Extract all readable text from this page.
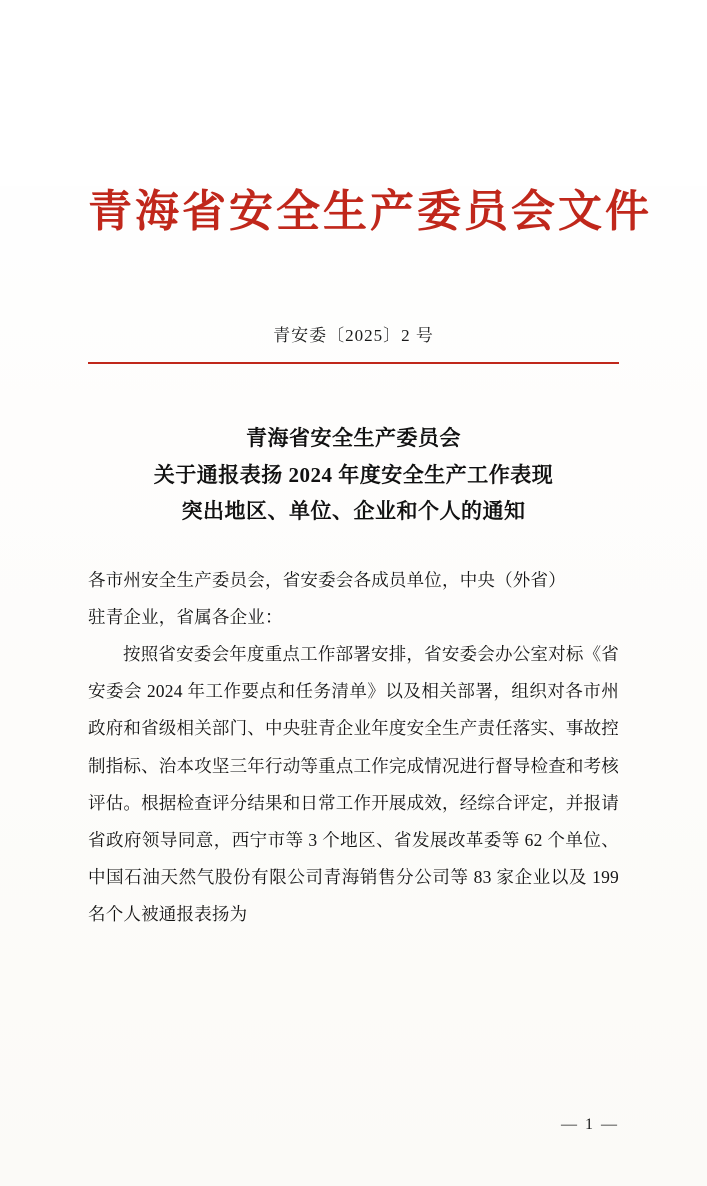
青海省安全生产委员会文件
青安委〔2025〕2 号
青海省安全生产委员会
关于通报表扬 2024 年度安全生产工作表现
突出地区、单位、企业和个人的通知

各市州安全生产委员会，省安委会各成员单位，中央（外省）

驻青企业，省属各企业：

按照省安委会年度重点工作部署安排，省安委会办公室对标《省安委会 2024 年工作要点和任务清单》以及相关部署，组织对各市州政府和省级相关部门、中央驻青企业年度安全生产责任落实、事故控制指标、治本攻坚三年行动等重点工作完成情况进行督导检查和考核评估。根据检查评分结果和日常工作开展成效，经综合评定，并报请省政府领导同意，西宁市等 3 个地区、省发展改革委等 62 个单位、中国石油天然气股份有限公司青海销售分公司等 83 家企业以及 199 名个人被通报表扬为

— 1 —
